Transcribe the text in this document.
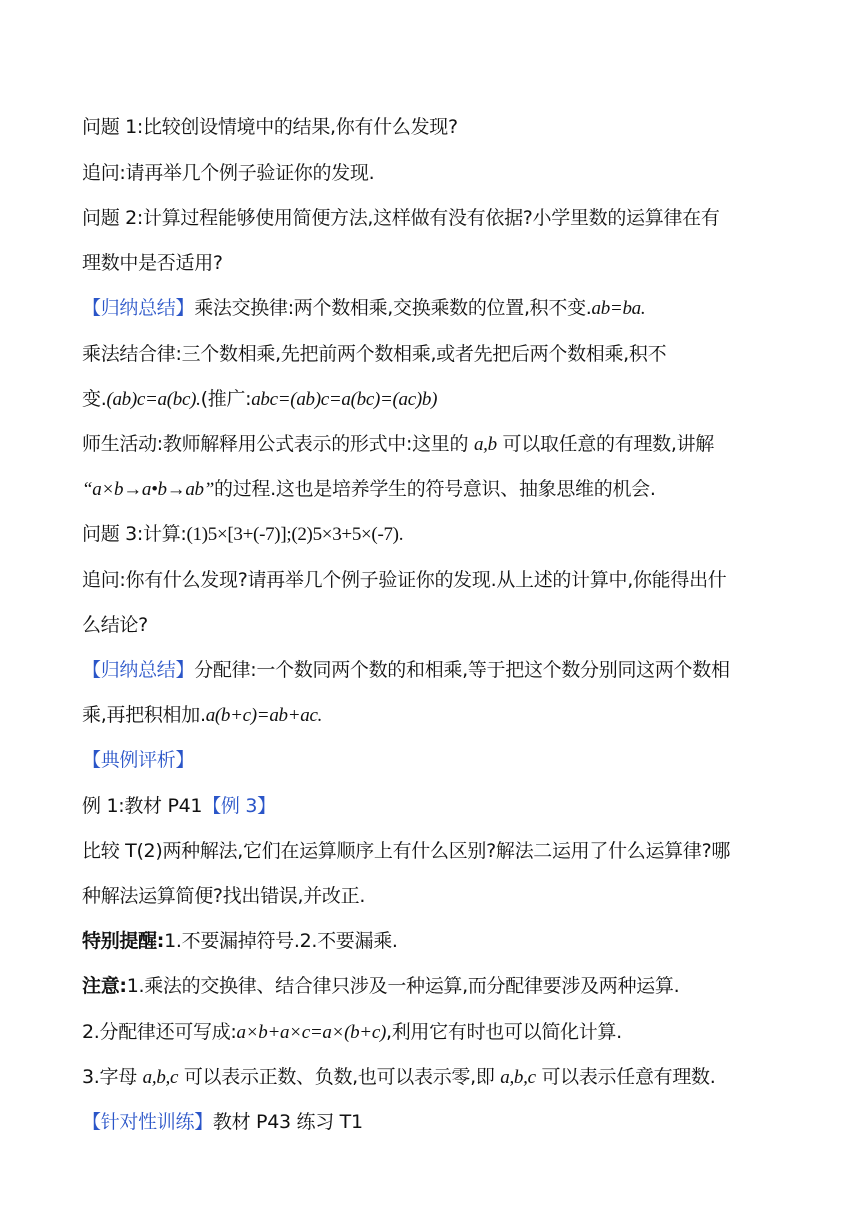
问题 1:比较创设情境中的结果,你有什么发现?
追问:请再举几个例子验证你的发现.
问题 2:计算过程能够使用简便方法,这样做有没有依据?小学里数的运算律在有
理数中是否适用?
【归纳总结】乘法交换律:两个数相乘,交换乘数的位置,积不变.ab=ba.
乘法结合律:三个数相乘,先把前两个数相乘,或者先把后两个数相乘,积不
变.(ab)c=a(bc).(推广:abc=(ab)c=a(bc)=(ac)b)
师生活动:教师解释用公式表示的形式中:这里的 a,b 可以取任意的有理数,讲解
“a×b→a•b→ab”的过程.这也是培养学生的符号意识、抽象思维的机会.
问题 3:计算:(1)5×[3+(-7)];(2)5×3+5×(-7).
追问:你有什么发现?请再举几个例子验证你的发现.从上述的计算中,你能得出什
么结论?
【归纳总结】分配律:一个数同两个数的和相乘,等于把这个数分别同这两个数相
乘,再把积相加.a(b+c)=ab+ac.
【典例评析】
例 1:教材 P41【例 3】
比较 T(2)两种解法,它们在运算顺序上有什么区别?解法二运用了什么运算律?哪
种解法运算简便?找出错误,并改正.
特别提醒:1.不要漏掉符号.2.不要漏乘.
注意:1.乘法的交换律、结合律只涉及一种运算,而分配律要涉及两种运算.
2.分配律还可写成:a×b+a×c=a×(b+c),利用它有时也可以简化计算.
3.字母 a,b,c 可以表示正数、负数,也可以表示零,即 a,b,c 可以表示任意有理数.
【针对性训练】教材 P43 练习 T1
